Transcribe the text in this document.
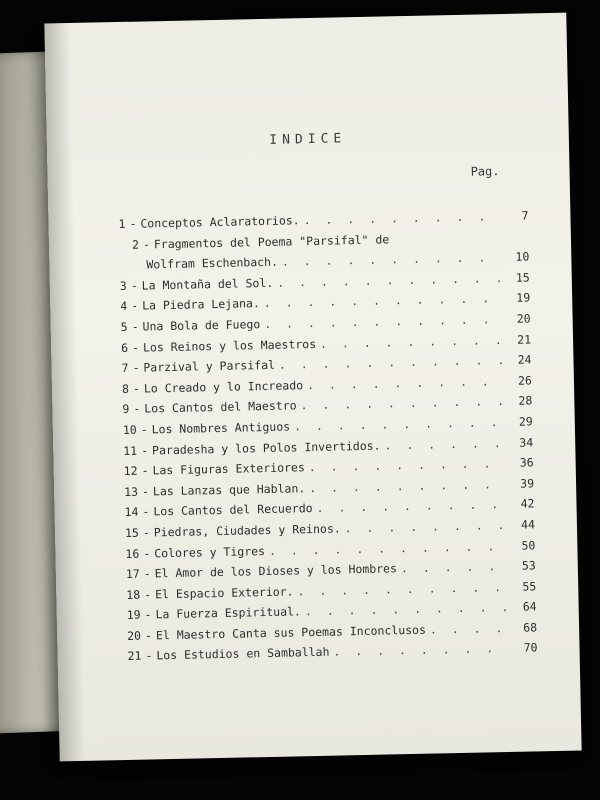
INDICE
Pag.
1 - Conceptos Aclaratorios. . . .	7
2 - Fragmentos del Poema "Parsifal" de
Wolfram Eschenbach. . . .	10
3 - La Montaña del Sol. . . .	15
4 - La Piedra Lejana. . . .	19
5 - Una Bola de Fuego . . .	20
6 - Los Reinos y los Maestros . . .	21
7 - Parzival y Parsifal . . .	24
8 - Lo Creado y lo Increado . . .	26
9 - Los Cantos del Maestro . . .	28
10 - Los Nombres Antiguos . . .	29
11 - Paradesha y los Polos Invertidos. . . .	34
12 - Las Figuras Exteriores . . .	36
13 - Las Lanzas que Hablan. . . .	39
14 - Los Cantos del Recuerdo . . .	42
15 - Piedras, Ciudades y Reinos. . . .	44
16 - Colores y Tigres . . .	50
17 - El Amor de los Dioses y los Hombres . . .	53
18 - El Espacio Exterior. . . .	55
19 - La Fuerza Espiritual. . . .	64
20 - El Maestro Canta sus Poemas Inconclusos . . .	68
21 - Los Estudios en Samballah . . .	70
